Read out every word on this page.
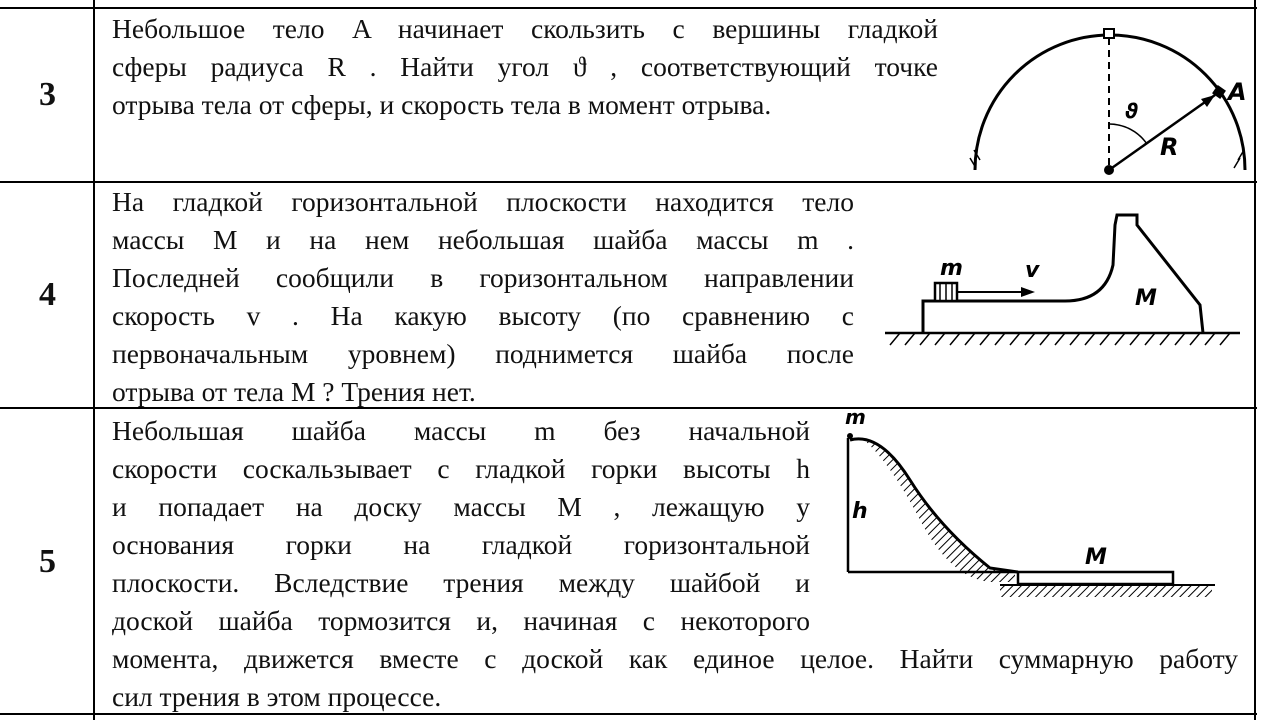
3
Небольшое тело A начинает скользить с вершины гладкой
сферы радиуса R . Найти угол ϑ , соответствующий точке
отрыва тела от сферы, и скорость тела в момент отрыва.	ϑ
R
A
4
На гладкой горизонтальной плоскости находится тело
массы M и на нем небольшая шайба массы m .
Последней сообщили в горизонтальном направлении
скорость v . На какую высоту (по сравнению с
первоначальным уровнем) поднимется шайба после
отрыва от тела M ? Трения нет.
m	v
M
5
Небольшая шайба массы m без начальной
скорости соскальзывает с гладкой горки высоты h
и попадает на доску массы M , лежащую у
основания горки на гладкой горизонтальной
плоскости. Вследствие трения между шайбой и
доской шайба тормозится и, начиная с некоторого
момента, движется вместе с доской как единое целое. Найти суммарную работу
сил трения в этом процессе.
m
h
M
